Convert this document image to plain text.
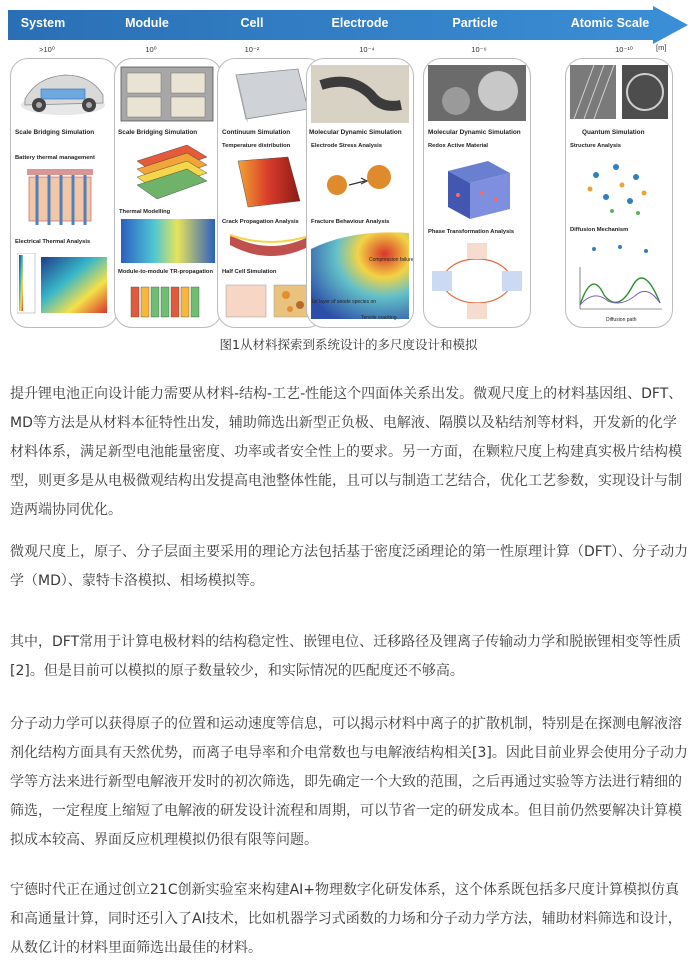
System	Module	Cell	Electrode	Particle	Atomic Scale
>10⁰	10⁰	10⁻²	10⁻⁴	10⁻⁶	10⁻¹⁰	[m]
Scale Bridging Simulation
Battery thermal management
Electrical Thermal Analysis
Scale Bridging Simulation
Thermal Modelling
Module-to-module TR-propagation
Continuum Simulation
Temperature distribution
Crack Propagation Analysis
Half Cell Simulation
Molecular Dynamic Simulation
Electrode Stress Analysis
Fracture Behaviour Analysis
Compression failure
1st layer of anode species on
Tensile cracking
Molecular Dynamic Simulation
Redox Active Material
Phase Transformation Analysis
Quantum Simulation
Structure Analysis
Diffusion Mechanism
Diffusion path
图1从材料探索到系统设计的多尺度设计和模拟

提升锂电池正向设计能力需要从材料-结构-工艺-性能这个四面体关系出发。微观尺度上的材料基因组、DFT、MD等方法是从材料本征特性出发，辅助筛选出新型正负极、电解液、隔膜以及粘结剂等材料，开发新的化学材料体系，满足新型电池能量密度、功率或者安全性上的要求。另一方面，在颗粒尺度上构建真实极片结构模型，则更多是从电极微观结构出发提高电池整体性能，且可以与制造工艺结合，优化工艺参数，实现设计与制造两端协同优化。

微观尺度上，原子、分子层面主要采用的理论方法包括基于密度泛函理论的第一性原理计算（DFT）、分子动力学（MD）、蒙特卡洛模拟、相场模拟等。

其中，DFT常用于计算电极材料的结构稳定性、嵌锂电位、迁移路径及锂离子传输动力学和脱嵌锂相变等性质[2]。但是目前可以模拟的原子数量较少，和实际情况的匹配度还不够高。

分子动力学可以获得原子的位置和运动速度等信息，可以揭示材料中离子的扩散机制，特别是在探测电解液溶剂化结构方面具有天然优势，而离子电导率和介电常数也与电解液结构相关[3]。因此目前业界会使用分子动力学等方法来进行新型电解液开发时的初次筛选，即先确定一个大致的范围，之后再通过实验等方法进行精细的筛选，一定程度上缩短了电解液的研发设计流程和周期，可以节省一定的研发成本。但目前仍然要解决计算模拟成本较高、界面反应机理模拟仍很有限等问题。

宁德时代正在通过创立21C创新实验室来构建AI+物理数字化研发体系，这个体系既包括多尺度计算模拟仿真和高通量计算，同时还引入了AI技术，比如机器学习式函数的力场和分子动力学方法，辅助材料筛选和设计，从数亿计的材料里面筛选出最佳的材料。
